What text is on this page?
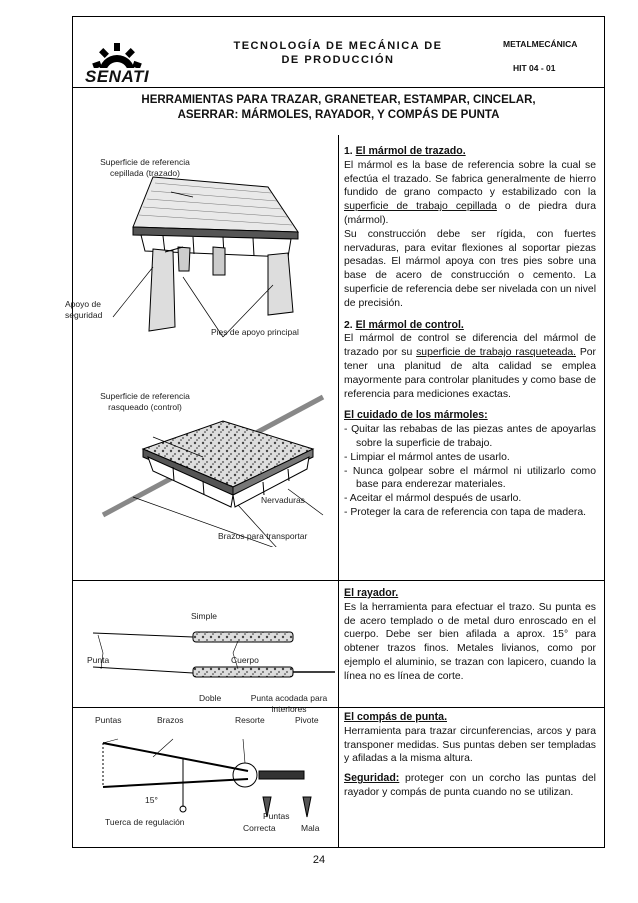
SENATI
TECNOLOGÍA DE MECÁNICA DE
DE PRODUCCIÓN
METALMECÁNICA
HIT 04 - 01
HERRAMIENTAS PARA TRAZAR, GRANETEAR, ESTAMPAR, CINCELAR,
ASERRAR: MÁRMOLES, RAYADOR, Y COMPÁS DE PUNTA
Superficie de referencia
cepillada (trazado)
Apoyo de
seguridad
Pies de apoyo principal
Superficie de referencia
rasqueado (control)
Nervaduras
Brazos para transportar

1. El mármol de trazado.

El mármol es la base de referencia sobre la cual se efectúa el trazado. Se fabrica generalmente de hierro fundido de grano compacto y estabilizado con la superficie de trabajo cepillada o de piedra dura (mármol).

Su construcción debe ser rígida, con fuertes nervaduras, para evitar flexiones al soportar piezas pesadas. El mármol apoya con tres pies sobre una base de acero de construcción o cemento. La superficie de referencia debe ser nivelada con un nivel de precisión.

2. El mármol de control.

El mármol de control se diferencia del mármol de trazado por su superficie de trabajo rasqueteada. Por tener una planitud de alta calidad se emplea mayormente para controlar planitudes y como base de referencia para mediciones exactas.

El cuidado de los mármoles:

- Quitar las rebabas de las piezas antes de apoyarlas sobre la superficie de trabajo.
- Limpiar el mármol antes de usarlo.
- Nunca golpear sobre el mármol ni utilizarlo como base para enderezar materiales.
- Aceitar el mármol después de usarlo.
- Proteger la cara de referencia con tapa de madera.
Simple
Punta	Cuerpo
Doble	Punta acodada para
interiores

El rayador.

Es la herramienta para efectuar el trazo. Su punta es de acero templado o de metal duro enroscado en el cuerpo. Debe ser bien afilada a aprox. 15° para obtener trazos finos. Metales livianos, como por ejemplo el aluminio, se trazan con lapicero, cuando la línea no es línea de corte.

Puntas	Brazos	Resorte	Pivote
15°
Tuerca de regulación
Puntas
Correcta	Mala

El compás de punta.

Herramienta para trazar circunferencias, arcos y para transponer medidas. Sus puntas deben ser templadas y afiladas a la misma altura.

Seguridad: proteger con un corcho las puntas del rayador y compás de punta cuando no se utilizan.

24
